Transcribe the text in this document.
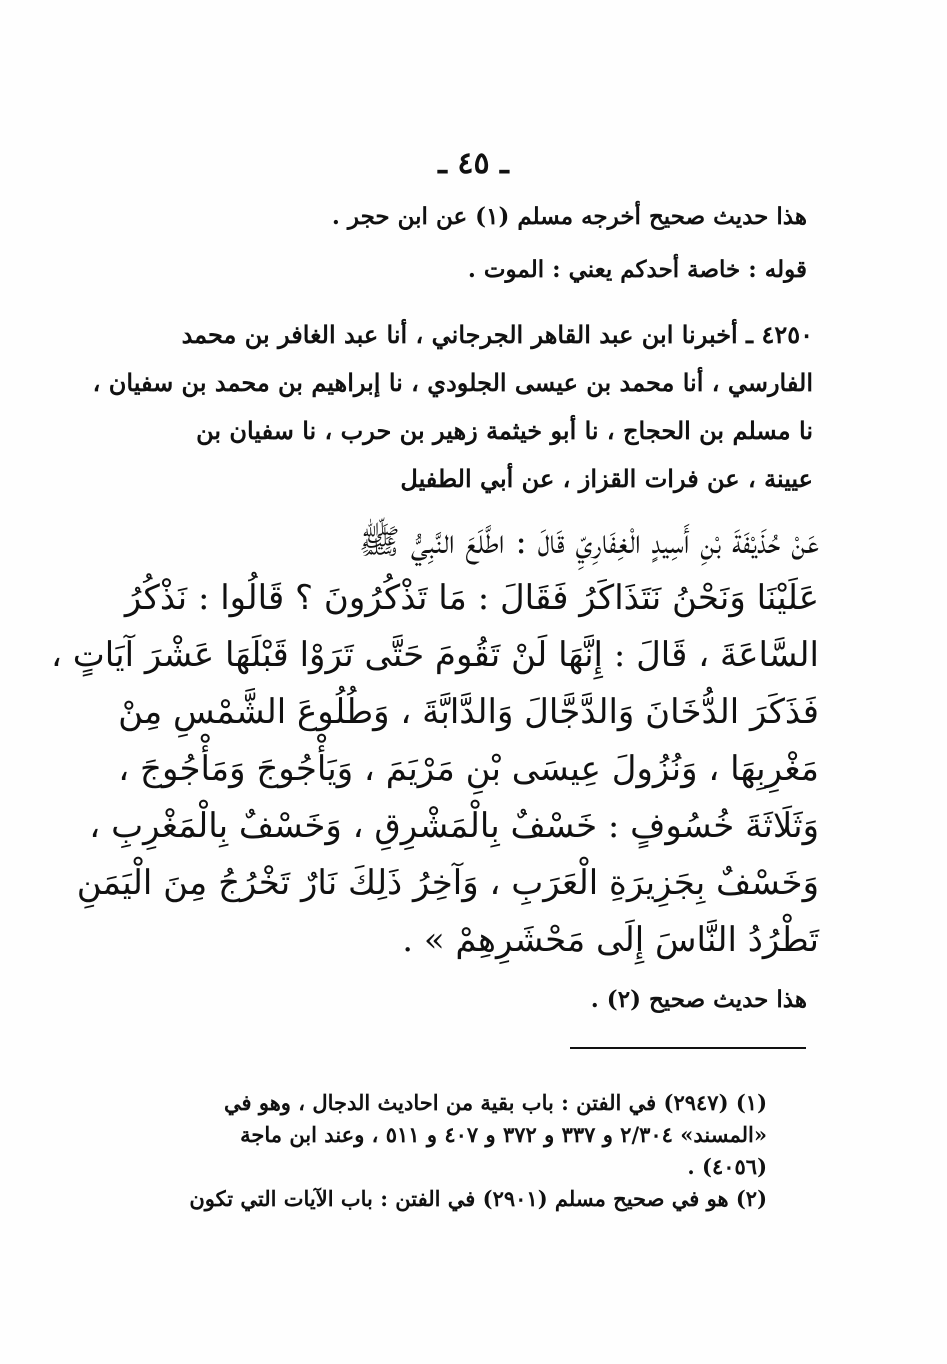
ـ ٤٥ ـ
هذا حديث صحيح أخرجه مسلم (١) عن ابن حجر .
قوله : خاصة أحدكم يعني : الموت .
٤٢٥٠ ـ أخبرنا ابن عبد القاهر الجرجاني ، أنا عبد الغافر بن محمد
الفارسي ، أنا محمد بن عيسى الجلودي ، نا إبراهيم بن محمد بن سفيان ،
نا مسلم بن الحجاج ، نا أبو خيثمة زهير بن حرب ، نا سفيان بن
عيينة ، عن فرات القزاز ، عن أبي الطفيل
عَنْ حُذَيْفَةَ بْنِ أَسِيدٍ الْغِفَارِيِّ قَالَ : اطَّلَعَ النَّبِيُّ ﷺ
عَلَيْنَا وَنَحْنُ نَتَذَاكَرُ فَقَالَ : مَا تَذْكُرُونَ ؟ قَالُوا : نَذْكُرُ
السَّاعَةَ ، قَالَ : إِنَّهَا لَنْ تَقُومَ حَتَّى تَرَوْا قَبْلَهَا عَشْرَ آيَاتٍ ،
فَذَكَرَ الدُّخَانَ وَالدَّجَّالَ وَالدَّابَّةَ ، وَطُلُوعَ الشَّمْسِ مِنْ
مَغْرِبِهَا ، وَنُزُولَ عِيسَى بْنِ مَرْيَمَ ، وَيَأْجُوجَ وَمَأْجُوجَ ،
وَثَلَاثَةَ خُسُوفٍ : خَسْفٌ بِالْمَشْرِقِ ، وَخَسْفٌ بِالْمَغْرِبِ ،
وَخَسْفٌ بِجَزِيرَةِ الْعَرَبِ ، وَآخِرُ ذَلِكَ نَارٌ تَخْرُجُ مِنَ الْيَمَنِ
تَطْرُدُ النَّاسَ إِلَى مَحْشَرِهِمْ » .
هذا حديث صحيح (٢) .
(١) (٢٩٤٧) في الفتن : باب بقية من احاديث الدجال ، وهو في
«المسند» ٢/٣٠٤ و ٣٣٧ و ٣٧٢ و ٤٠٧ و ٥١١ ، وعند ابن ماجة
(٤٠٥٦) .
(٢) هو في صحيح مسلم (٢٩٠١) في الفتن : باب الآيات التي تكون
